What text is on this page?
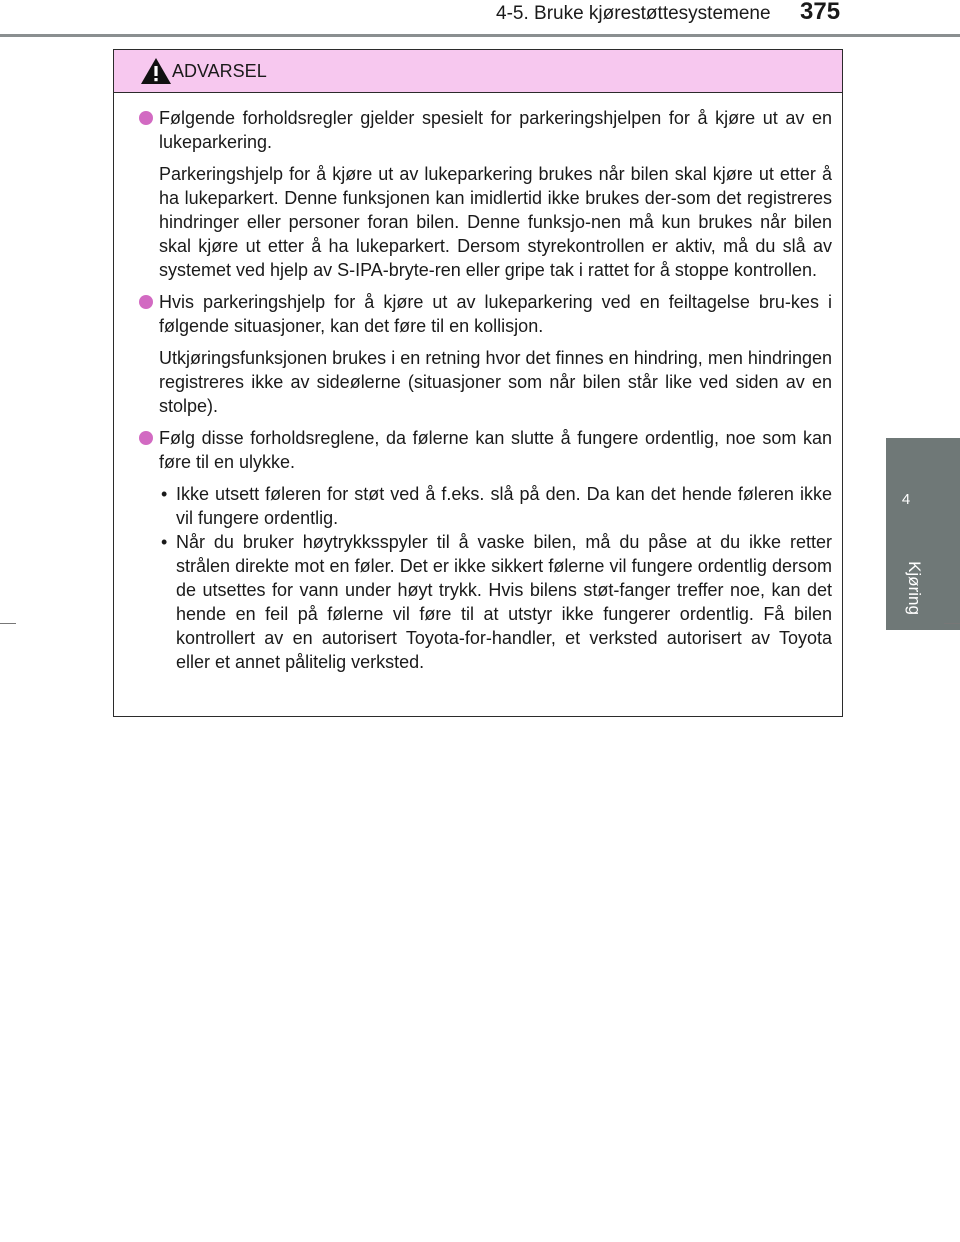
4-5. Bruke kjørestøttesystemene	375
4
Kjøring
ADVARSEL

Følgende forholdsregler gjelder spesielt for parkeringshjelpen for å kjøre ut av en lukeparkering.

Parkeringshjelp for å kjøre ut av lukeparkering brukes når bilen skal kjøre ut etter å ha lukeparkert. Denne funksjonen kan imidlertid ikke brukes der-som det registreres hindringer eller personer foran bilen. Denne funksjo-nen må kun brukes når bilen skal kjøre ut etter å ha lukeparkert. Dersom styrekontrollen er aktiv, må du slå av systemet ved hjelp av S-IPA-bryte-ren eller gripe tak i rattet for å stoppe kontrollen.

Hvis parkeringshjelp for å kjøre ut av lukeparkering ved en feiltagelse bru-kes i følgende situasjoner, kan det føre til en kollisjon.

Utkjøringsfunksjonen brukes i en retning hvor det finnes en hindring, men hindringen registreres ikke av sideølerne (situasjoner som når bilen står like ved siden av en stolpe).

Følg disse forholdsreglene, da følerne kan slutte å fungere ordentlig, noe som kan føre til en ulykke.

• Ikke utsett føleren for støt ved å f.eks. slå på den. Da kan det hende føleren ikke vil fungere ordentlig.

• Når du bruker høytrykksspyler til å vaske bilen, må du påse at du ikke retter strålen direkte mot en føler. Det er ikke sikkert følerne vil fungere ordentlig dersom de utsettes for vann under høyt trykk. Hvis bilens støt-fanger treffer noe, kan det hende en feil på følerne vil føre til at utstyr ikke fungerer ordentlig. Få bilen kontrollert av en autorisert Toyota-for-handler, et verksted autorisert av Toyota eller et annet pålitelig verksted.
